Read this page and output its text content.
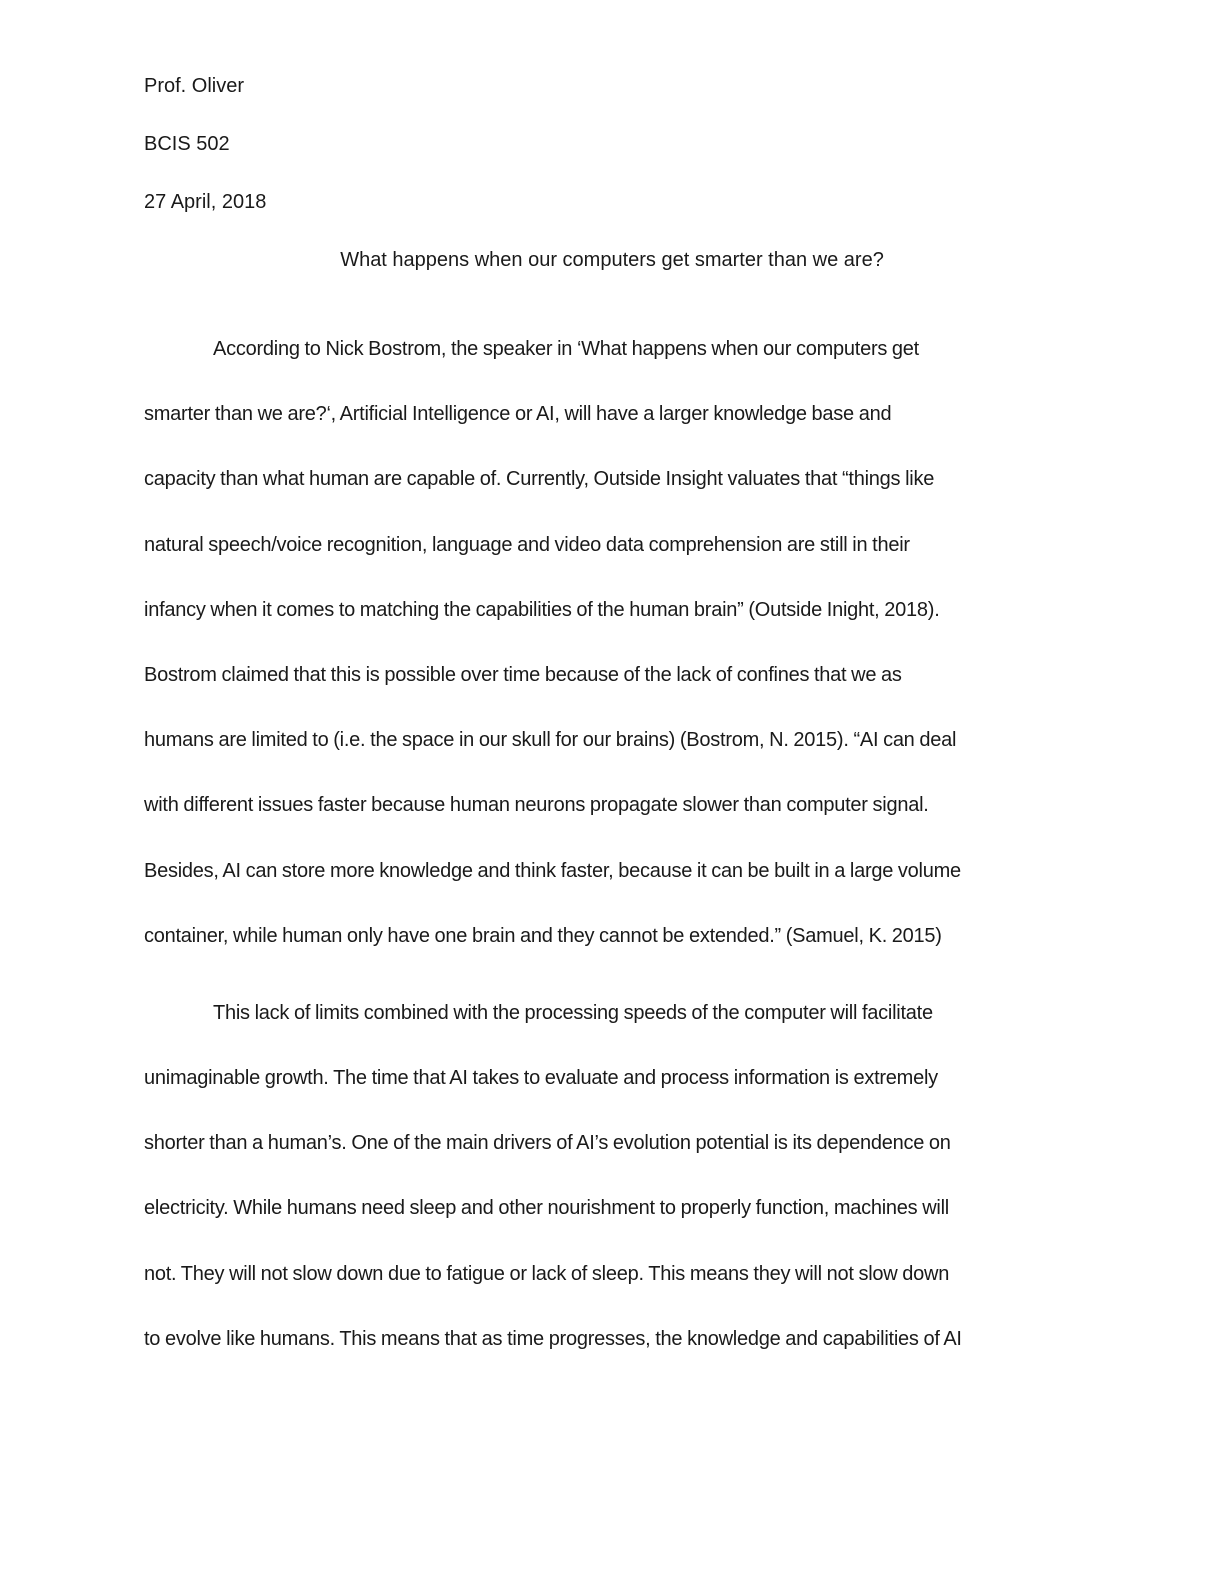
Prof. Oliver
BCIS 502
27 April, 2018
What happens when our computers get smarter than we are?
According to Nick Bostrom, the speaker in ‘What happens when our computers get
smarter than we are?‘, Artificial Intelligence or AI, will have a larger knowledge base and
capacity than what human are capable of. Currently, Outside Insight valuates that “things like
natural speech/voice recognition, language and video data comprehension are still in their
infancy when it comes to matching the capabilities of the human brain” (Outside Inight, 2018).
Bostrom claimed that this is possible over time because of the lack of confines that we as
humans are limited to (i.e. the space in our skull for our brains) (Bostrom, N. 2015). “AI can deal
with different issues faster because human neurons propagate slower than computer signal.
Besides, AI can store more knowledge and think faster, because it can be built in a large volume
container, while human only have one brain and they cannot be extended.” (Samuel, K. 2015)
This lack of limits combined with the processing speeds of the computer will facilitate
unimaginable growth. The time that AI takes to evaluate and process information is extremely
shorter than a human’s. One of the main drivers of AI’s evolution potential is its dependence on
electricity. While humans need sleep and other nourishment to properly function, machines will
not. They will not slow down due to fatigue or lack of sleep. This means they will not slow down
to evolve like humans. This means that as time progresses, the knowledge and capabilities of AI
